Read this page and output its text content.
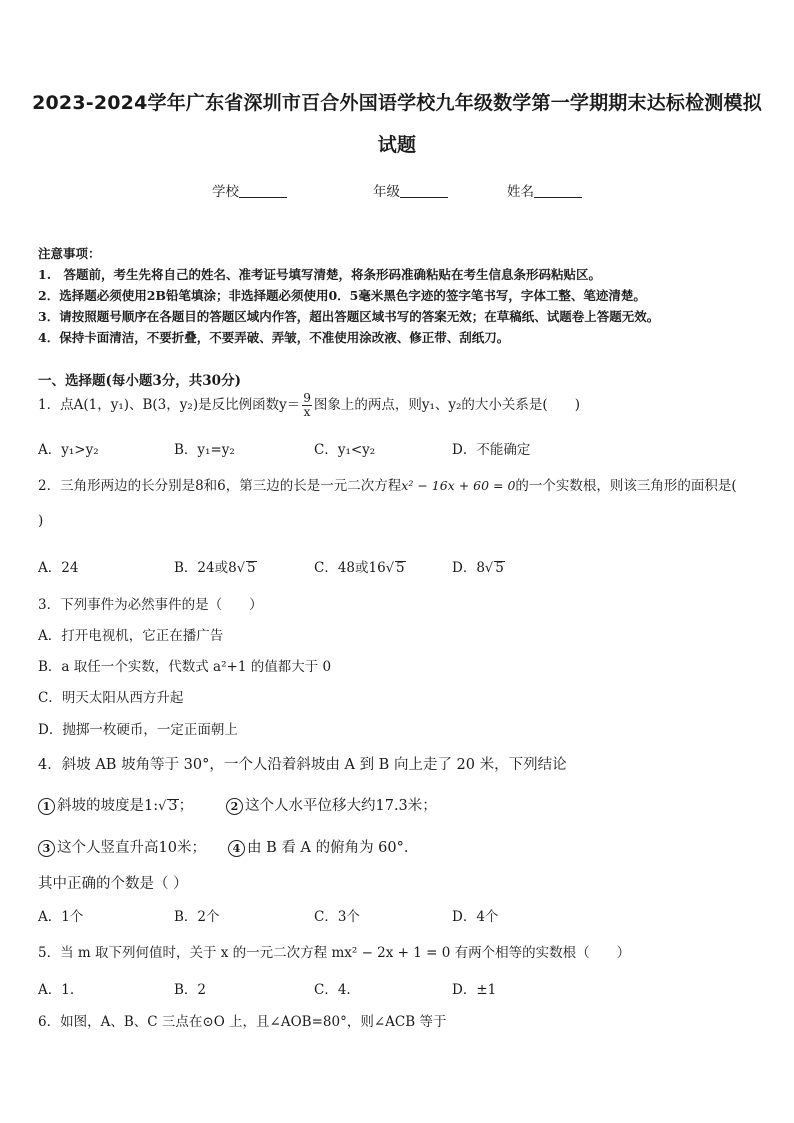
2023-2024学年广东省深圳市百合外国语学校九年级数学第一学期期末达标检测模拟
试题
学校	年级	姓名
注意事项：
1.　答题前，考生先将自己的姓名、准考证号填写清楚，将条形码准确粘贴在考生信息条形码粘贴区。
2．选择题必须使用2B铅笔填涂；非选择题必须使用0．5毫米黑色字迹的签字笔书写，字体工整、笔迹清楚。
3．请按照题号顺序在各题目的答题区域内作答，超出答题区域书写的答案无效；在草稿纸、试题卷上答题无效。
4．保持卡面清洁，不要折叠，不要弄破、弄皱，不准使用涂改液、修正带、刮纸刀。
一、选择题(每小题3分，共30分)
1．点A(1，y₁)、B(3，y₂)是反比例函数$y= \frac{9}{x}$ 图象上的两点，则y₁、y₂的大小关系是(　　)
A．y₁>y₂	B．y₁=y₂	C．y₁<y₂	D．不能确定
2．三角形两边的长分别是8和6，第三边的长是一元二次方程x² − 16x + 60 = 0的一个实数根，则该三角形的面积是(
)
A．24	B．24或8√ 5	C．48或16√ 5	D．8√ 5
3．下列事件为必然事件的是（　　）
A．打开电视机，它正在播广告
B．a 取任一个实数，代数式 a²+1 的值都大于 0
C．明天太阳从西方升起
D．抛掷一枚硬币，一定正面朝上
4．斜坡 AB 坡角等于 30°，一个人沿着斜坡由 A 到 B 向上走了 20 米，下列结论
1 斜坡的坡度是1:√ 3；	2 这个人水平位移大约17.3米；
3 这个人竖直升高10米；	4 由 B 看 A 的俯角为 60°.
其中正确的个数是（ ）
A．1个	B．2个	C．3个	D．4个
5．当 m 取下列何值时，关于 x 的一元二次方程 mx² − 2x + 1 = 0 有两个相等的实数根（　　）
A．1.	B．2	C．4.	D．±1
6．如图，A、B、C 三点在⊙O 上，且∠AOB=80°，则∠ACB 等于
